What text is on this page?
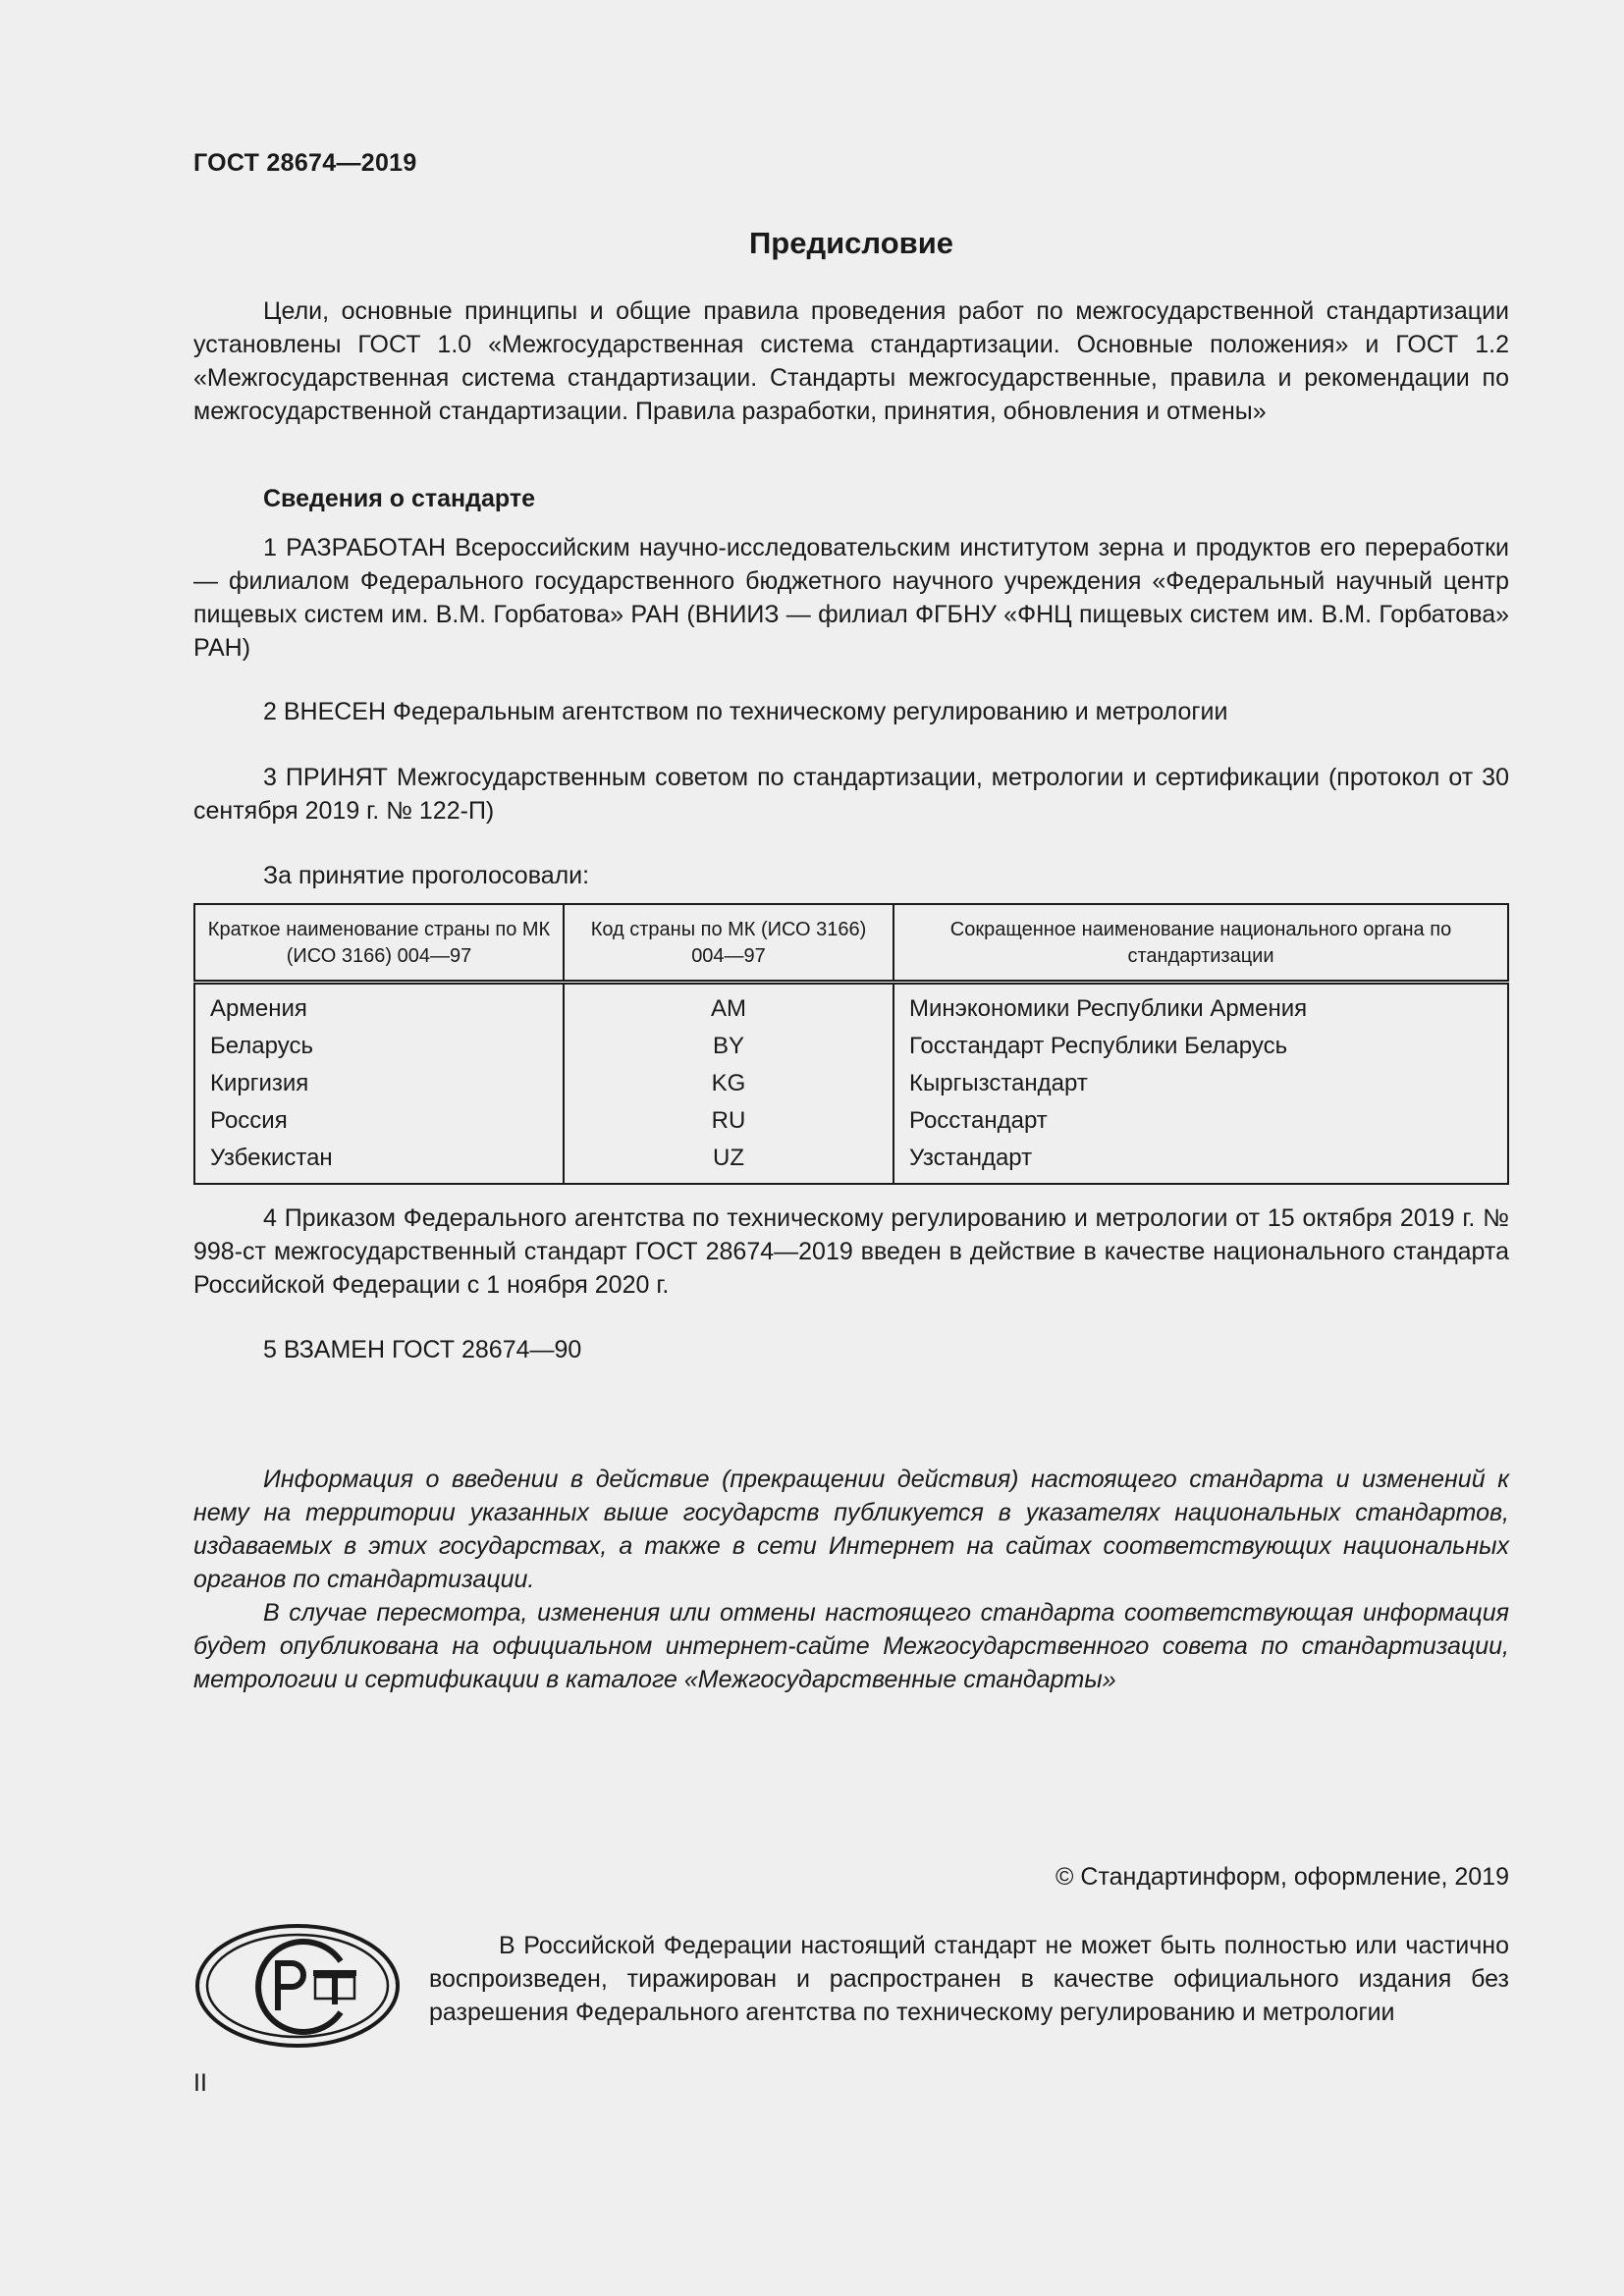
ГОСТ 28674—2019
Предисловие

Цели, основные принципы и общие правила проведения работ по межгосударственной стандартизации установлены ГОСТ 1.0 «Межгосударственная система стандартизации. Основные положения» и ГОСТ 1.2 «Межгосударственная система стандартизации. Стандарты межгосударственные, правила и рекомендации по межгосударственной стандартизации. Правила разработки, принятия, обновления и отмены»

Сведения о стандарте

1 РАЗРАБОТАН Всероссийским научно-исследовательским институтом зерна и продуктов его переработки — филиалом Федерального государственного бюджетного научного учреждения «Федеральный научный центр пищевых систем им. В.М. Горбатова» РАН (ВНИИЗ — филиал ФГБНУ «ФНЦ пищевых систем им. В.М. Горбатова» РАН)

2 ВНЕСЕН Федеральным агентством по техническому регулированию и метрологии

3 ПРИНЯТ Межгосударственным советом по стандартизации, метрологии и сертификации (протокол от 30 сентября 2019 г. № 122-П)

За принятие проголосовали:

Краткое наименование страны по МК (ИСО 3166) 004—97	Код страны по МК (ИСО 3166) 004—97	Сокращенное наименование национального органа по стандартизации
Армения	AM	Минэкономики Республики Армения
Беларусь	BY	Госстандарт Республики Беларусь
Киргизия	KG	Кыргызстандарт
Россия	RU	Росстандарт
Узбекистан	UZ	Узстандарт

4 Приказом Федерального агентства по техническому регулированию и метрологии от 15 октября 2019 г. № 998-ст межгосударственный стандарт ГОСТ 28674—2019 введен в действие в качестве национального стандарта Российской Федерации с 1 ноября 2020 г.

5 ВЗАМЕН ГОСТ 28674—90

Информация о введении в действие (прекращении действия) настоящего стандарта и изменений к нему на территории указанных выше государств публикуется в указателях национальных стандартов, издаваемых в этих государствах, а также в сети Интернет на сайтах соответствующих национальных органов по стандартизации.

В случае пересмотра, изменения или отмены настоящего стандарта соответствующая информация будет опубликована на официальном интернет-сайте Межгосударственного совета по стандартизации, метрологии и сертификации в каталоге «Межгосударственные стандарты»

© Стандартинформ, оформление, 2019

В Российской Федерации настоящий стандарт не может быть полностью или частично воспроизведен, тиражирован и распространен в качестве официального издания без разрешения Федерального агентства по техническому регулированию и метрологии

II
